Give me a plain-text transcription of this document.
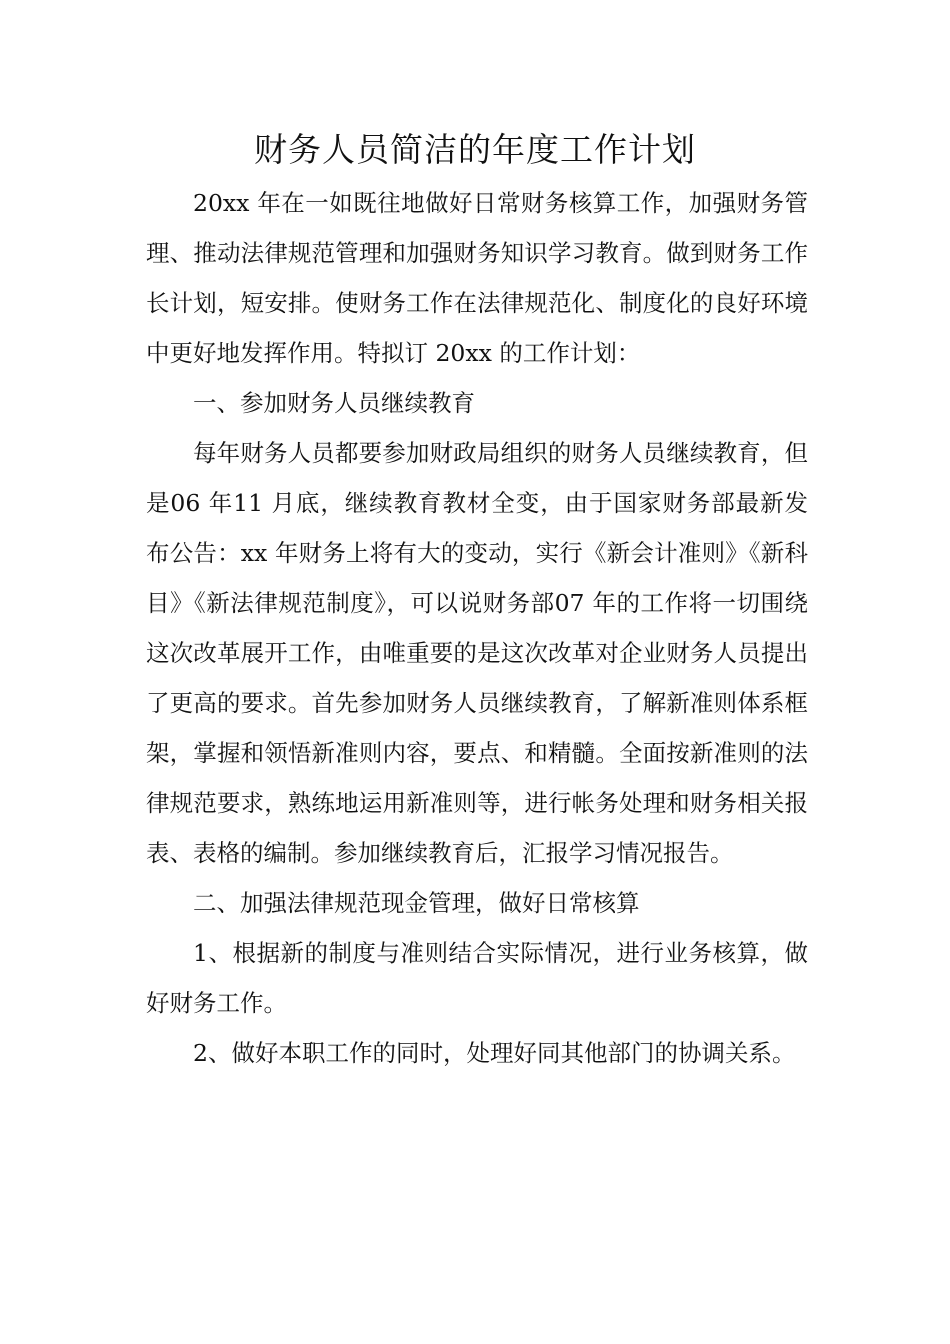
财务人员简洁的年度工作计划

20xx 年在一如既往地做好日常财务核算工作，加强财务管理、推动法律规范管理和加强财务知识学习教育。做到财务工作长计划，短安排。使财务工作在法律规范化、制度化的良好环境中更好地发挥作用。特拟订 20xx 的工作计划：

一、参加财务人员继续教育

每年财务人员都要参加财政局组织的财务人员继续教育，但是06 年11 月底，继续教育教材全变，由于国家财务部最新发布公告：xx 年财务上将有大的变动，实行《新会计准则》《新科目》《新法律规范制度》，可以说财务部07 年的工作将一切围绕这次改革展开工作，由唯重要的是这次改革对企业财务人员提出了更高的要求。首先参加财务人员继续教育，了解新准则体系框架，掌握和领悟新准则内容，要点、和精髓。全面按新准则的法律规范要求，熟练地运用新准则等，进行帐务处理和财务相关报表、表格的编制。参加继续教育后，汇报学习情况报告。

二、加强法律规范现金管理，做好日常核算

1、根据新的制度与准则结合实际情况，进行业务核算，做好财务工作。

2、做好本职工作的同时，处理好同其他部门的协调关系。
